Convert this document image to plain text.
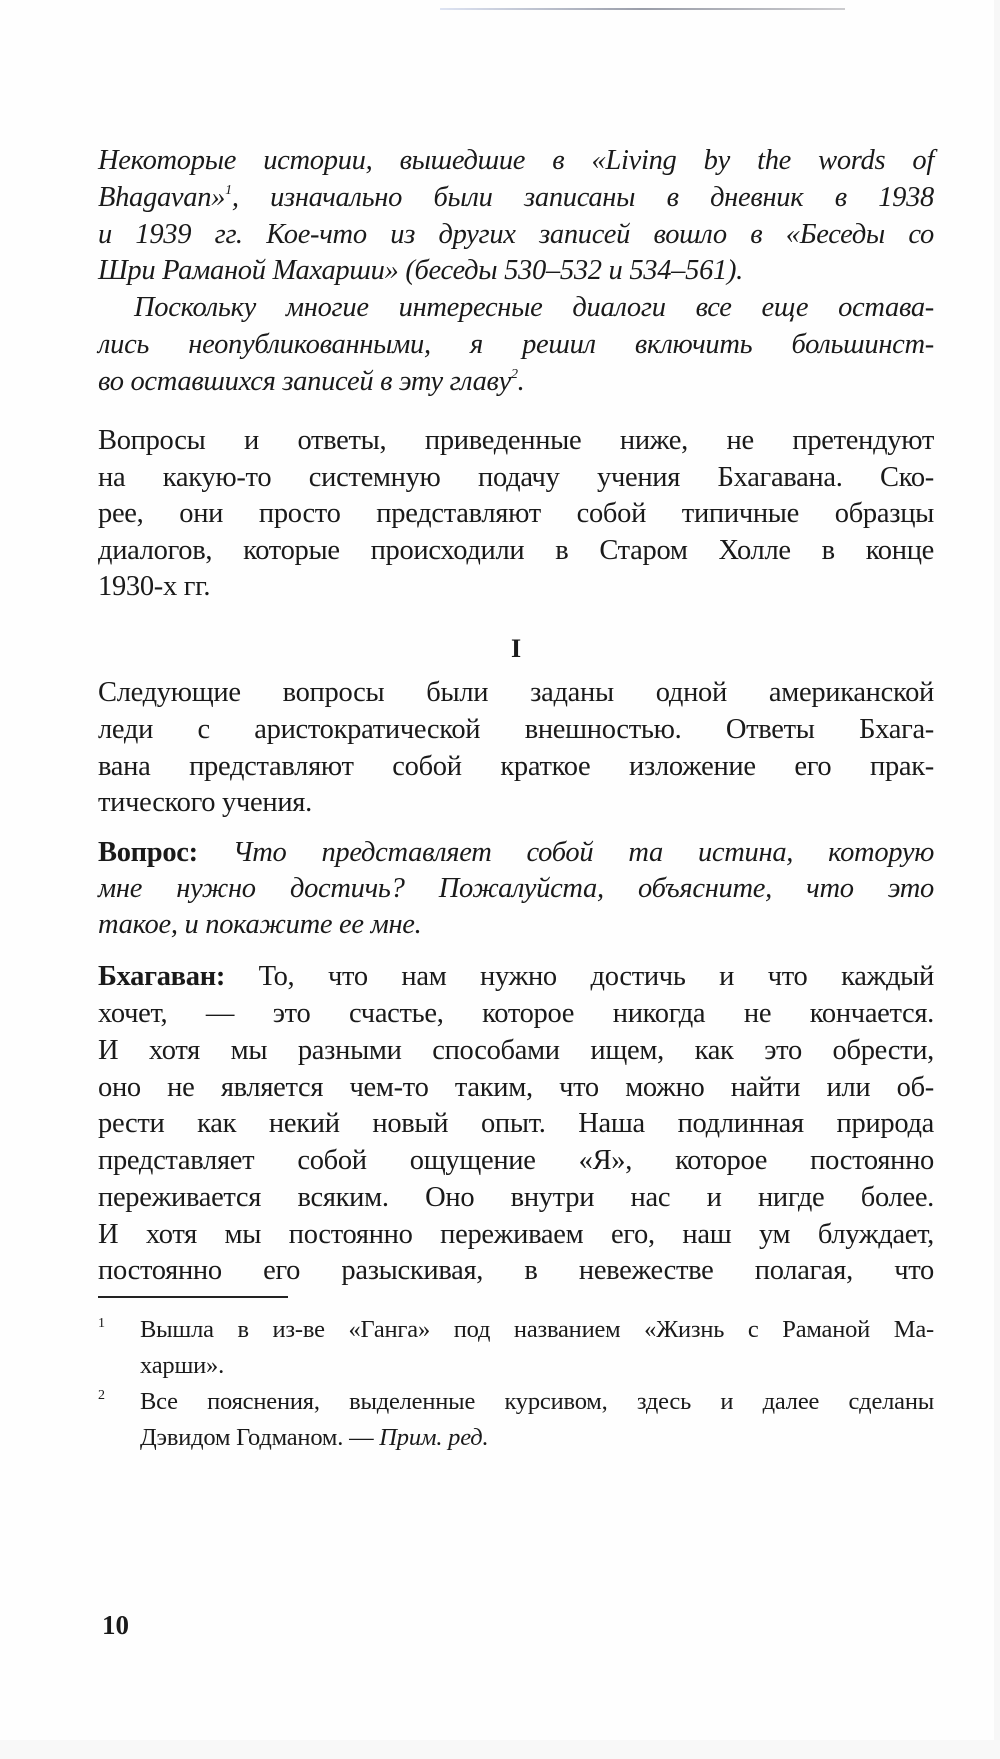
Некоторые истории, вышедшие в «Living by the words of
Bhagavan»$^1$, изначально были записаны в дневник в 1938
и 1939 гг. Кое-что из других записей вошло в «Беседы со
Шри Раманой Махарши» (беседы 530–532 и 534–561).
Поскольку многие интересные диалоги все еще остава-
лись неопубликованными, я решил включить большинст-
во оставшихся записей в эту главу$^2$.
Вопросы и ответы, приведенные ниже, не претендуют
на какую-то системную подачу учения Бхагавана. Ско-
рее, они просто представляют собой типичные образцы
диалогов, которые происходили в Старом Холле в конце
1930-х гг.
I
Следующие вопросы были заданы одной американской
леди с аристократической внешностью. Ответы Бхага-
вана представляют собой краткое изложение его прак-
тического учения.
Вопрос: Что представляет собой та истина, которую
мне нужно достичь? Пожалуйста, объясните, что это
такое, и покажите ее мне.
Бхагаван: То, что нам нужно достичь и что каждый
хочет, — это счастье, которое никогда не кончается.
И хотя мы разными способами ищем, как это обрести,
оно не является чем-то таким, что можно найти или об-
рести как некий новый опыт. Наша подлинная природа
представляет собой ощущение «Я», которое постоянно
переживается всяким. Оно внутри нас и нигде более.
И хотя мы постоянно переживаем его, наш ум блуждает,
постоянно его разыскивая, в невежестве полагая, что
1 Вышла в из-ве «Ганга» под названием «Жизнь с Раманой Ма-
харши».
2 Все пояснения, выделенные курсивом, здесь и далее сделаны
Дэвидом Годманом. — Прим. ред.
10
